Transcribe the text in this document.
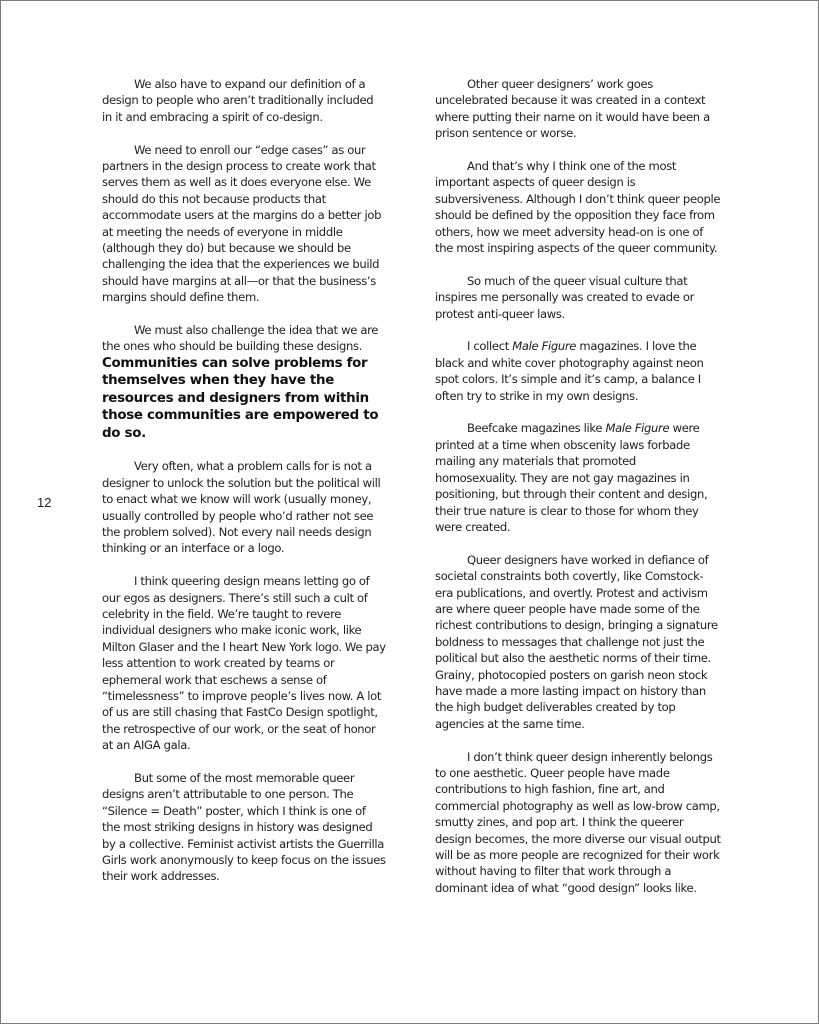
12

We also have to expand our definition of a design to people who aren’t traditionally included in it and embracing a spirit of co-design.

We need to enroll our “edge cases” as our partners in the design process to create work that serves them as well as it does everyone else. We should do this not because products that accommodate users at the margins do a better job at meeting the needs of everyone in middle (although they do) but because we should be challenging the idea that the experiences we build should have margins at all—or that the business’s margins should define them.

We must also challenge the idea that we are the ones who should be building these designs. Communities can solve problems for themselves when they have the resources and designers from within those communities are empowered to do so.

Very often, what a problem calls for is not a designer to unlock the solution but the political will to enact what we know will work (usually money, usually controlled by people who’d rather not see the problem solved). Not every nail needs design thinking or an interface or a logo.

I think queering design means letting go of our egos as designers. There’s still such a cult of celebrity in the field. We’re taught to revere individual designers who make iconic work, like Milton Glaser and the I heart New York logo. We pay less attention to work created by teams or ephemeral work that eschews a sense of “timelessness” to improve people’s lives now. A lot of us are still chasing that FastCo Design spotlight, the retrospective of our work, or the seat of honor at an AIGA gala.

But some of the most memorable queer designs aren’t attributable to one person. The “Silence = Death” poster, which I think is one of the most striking designs in history was designed by a collective. Feminist activist artists the Guerrilla Girls work anonymously to keep focus on the issues their work addresses.

Other queer designers’ work goes uncelebrated because it was created in a context where putting their name on it would have been a prison sentence or worse.

And that’s why I think one of the most important aspects of queer design is subversiveness. Although I don’t think queer people should be defined by the opposition they face from others, how we meet adversity head-on is one of the most inspiring aspects of the queer community.

So much of the queer visual culture that inspires me personally was created to evade or protest anti-queer laws.

I collect Male Figure magazines. I love the black and white cover photography against neon spot colors. It’s simple and it’s camp, a balance I often try to strike in my own designs.

Beefcake magazines like Male Figure were printed at a time when obscenity laws forbade mailing any materials that promoted homosexuality. They are not gay magazines in positioning, but through their content and design, their true nature is clear to those for whom they were created.

Queer designers have worked in defiance of societal constraints both covertly, like Comstock-era publications, and overtly. Protest and activism are where queer people have made some of the richest contributions to design, bringing a signature boldness to messages that challenge not just the political but also the aesthetic norms of their time. Grainy, photocopied posters on garish neon stock have made a more lasting impact on history than the high budget deliverables created by top agencies at the same time.

I don’t think queer design inherently belongs to one aesthetic. Queer people have made contributions to high fashion, fine art, and commercial photography as well as low-brow camp, smutty zines, and pop art. I think the queerer design becomes, the more diverse our visual output will be as more people are recognized for their work without having to filter that work through a dominant idea of what “good design” looks like.
